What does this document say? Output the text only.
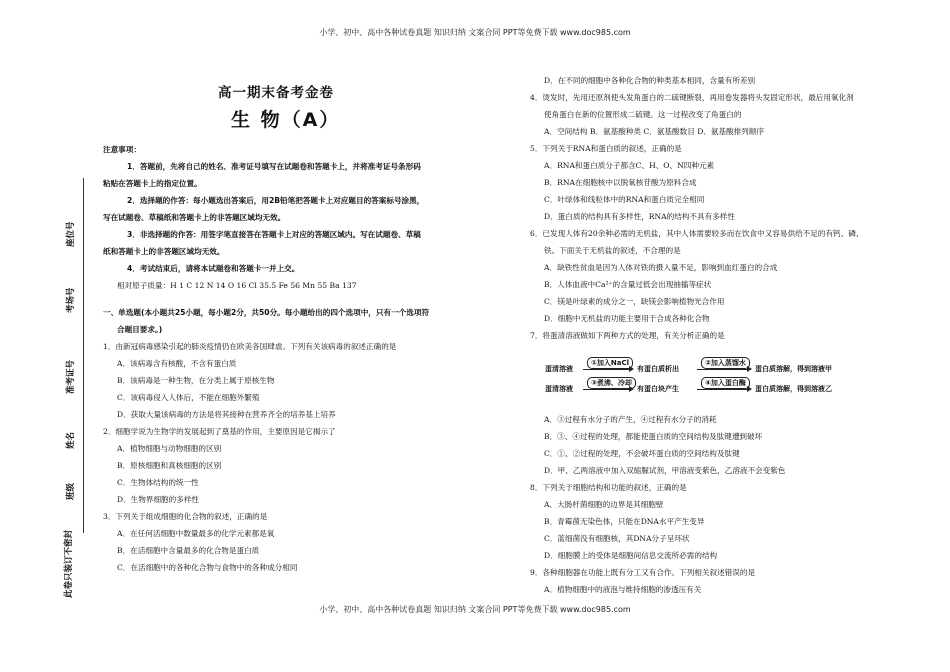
小学、初中、高中各种试卷真题 知识归纳 文案合同 PPT等免费下载 www.doc985.com
座位号
考场号
准考证号
姓名
班级
此卷只装订不密封
高一期末备考金卷
生 物（A）

注意事项：

1．答题前，先将自己的姓名、准考证号填写在试题卷和答题卡上，并将准考证号条形码

粘贴在答题卡上的指定位置。

2．选择题的作答：每小题选出答案后，用2B铅笔把答题卡上对应题目的答案标号涂黑，

写在试题卷、草稿纸和答题卡上的非答题区域均无效。

3．非选择题的作答：用签字笔直接答在答题卡上对应的答题区域内。写在试题卷、草稿

纸和答题卡上的非答题区域均无效。

4．考试结束后，请将本试题卷和答题卡一并上交。

相对原子质量：H 1 C 12 N 14 O 16 Cl 35.5 Fe 56 Mn 55 Ba 137

一、单选题(本小题共25小题，每小题2分，共50分。每小题给出的四个选项中，只有一个选项符

合题目要求。)

1．由新冠病毒感染引起的肺炎疫情仍在欧美各国肆虐。下列有关该病毒的叙述正确的是

A．该病毒含有核酸，不含有蛋白质

B．该病毒是一种生物，在分类上属于原核生物

C．该病毒侵入人体后，不能在细胞外繁殖

D．获取大量该病毒的方法是将其接种在营养齐全的培养基上培养

2．细胞学说为生物学的发展起到了奠基的作用，主要原因是它揭示了

A．植物细胞与动物细胞的区别

B．原核细胞和真核细胞的区别

C．生物体结构的统一性

D．生物界细胞的多样性

3．下列关于组成细胞的化合物的叙述，正确的是

A．在任何活细胞中数量最多的化学元素都是氧

B．在活细胞中含量最多的化合物是蛋白质

C．在活细胞中的各种化合物与食物中的各种成分相同

D．在不同的细胞中各种化合物的种类基本相同，含量有所差别

4．烫发时，先用还原剂使头发角蛋白的二硫键断裂，再用卷发器将头发固定形状，最后用氧化剂

使角蛋白在新的位置形成二硫键。这一过程改变了角蛋白的

A．空间结构 B．氨基酸种类 C．氨基酸数目 D．氨基酸排列顺序

5．下列关于RNA和蛋白质的叙述，正确的是

A．RNA和蛋白质分子都含C、H、O、N四种元素

B．RNA在细胞核中以脱氧核苷酸为原料合成

C．叶绿体和线粒体中的RNA和蛋白质完全相同

D．蛋白质的结构具有多样性，RNA的结构不具有多样性

6．已发现人体有20余种必需的无机盐，其中人体需要较多而在饮食中又容易供给不足的有钙、磷、

铁。下面关于无机盐的叙述，不合理的是

A．缺铁性贫血是因为人体对铁的摄入量不足，影响到血红蛋白的合成

B．人体血液中Ca²⁺的含量过低会出现抽搐等症状

C．镁是叶绿素的成分之一，缺镁会影响植物光合作用

D．细胞中无机盐的功能主要用于合成各种化合物

7．将蛋清溶液做如下两种方式的处理，有关分析正确的是

蛋清溶液
①加入NaCl
有蛋白质析出
②加入蒸馏水
蛋白质溶解，得到溶液甲
蛋清溶液
③煮沸、冷却
有蛋白块产生
④加入蛋白酶
蛋白质溶解，得到溶液乙

A．③过程有水分子的产生，④过程有水分子的消耗

B．③、④过程的处理，都能使蛋白质的空间结构及肽键遭到破坏

C．①、②过程的处理，不会破坏蛋白质的空间结构及肽键

D．甲、乙两溶液中加入双缩脲试剂，甲溶液变紫色，乙溶液不会变紫色

8．下列关于细胞结构和功能的叙述，正确的是

A．大肠杆菌细胞的边界是其细胞壁

B．青霉菌无染色体，只能在DNA水平产生变异

C．蓝细菌没有细胞核，其DNA分子呈环状

D．细胞膜上的受体是细胞间信息交流所必需的结构

9．各种细胞器在功能上既有分工又有合作。下列相关叙述错误的是

A．植物细胞中的液泡与维持细胞的渗透压有关

小学、初中、高中各种试卷真题 知识归纳 文案合同 PPT等免费下载 www.doc985.com
